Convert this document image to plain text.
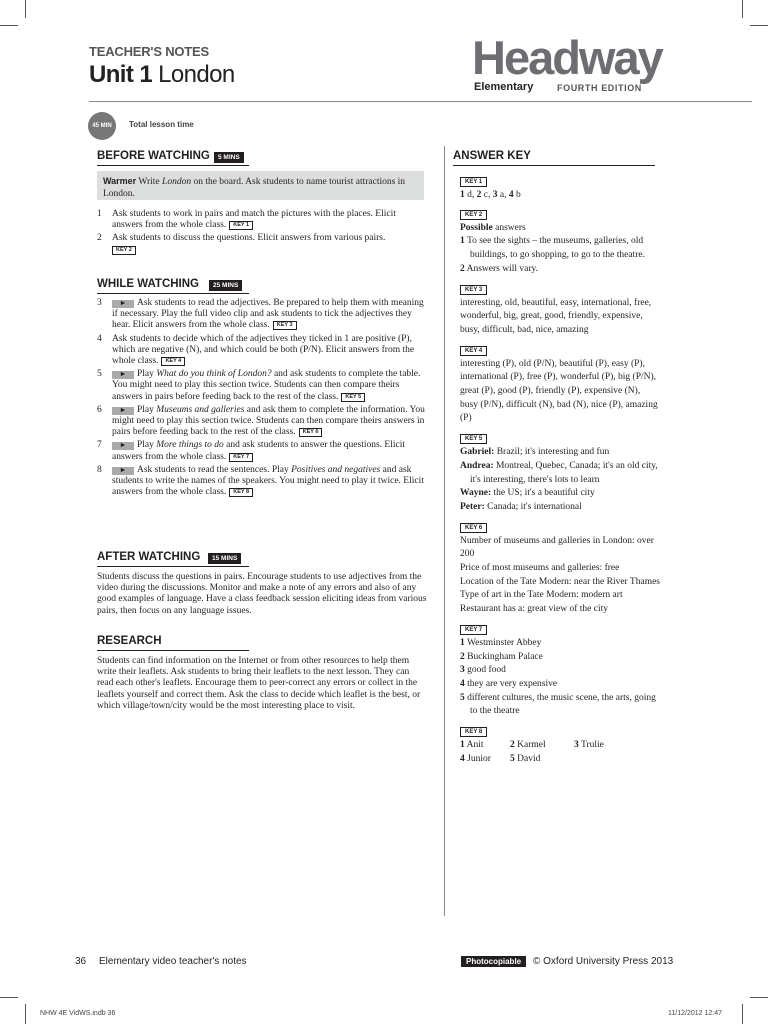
TEACHER'S NOTES
Unit 1 London	Headway
Elementary	FOURTH EDITION
45 MIN	Total lesson time
BEFORE WATCHING	5 MINS
Warmer Write London on the board. Ask students to name tourist attractions in London.
1 Ask students to work in pairs and match the pictures with the places. Elicit answers from the whole class. KEY 1
2 Ask students to discuss the questions. Elicit answers from various pairs.
KEY 2
WHILE WATCHING	25 MINS
3	► Ask students to read the adjectives. Be prepared to help them with meaning if necessary. Play the full video clip and ask students to tick the adjectives they hear. Elicit answers from the whole class. KEY 3
4 Ask students to decide which of the adjectives they ticked in 1 are positive (P), which are negative (N), and which could be both (P/N). Elicit answers from the whole class. KEY 4
5	► Play What do you think of London? and ask students to complete the table. You might need to play this section twice. Students can then compare theirs answers in pairs before feeding back to the rest of the class. KEY 5
6	► Play Museums and galleries and ask them to complete the information. You might need to play this section twice. Students can then compare theirs answers in pairs before feeding back to the rest of the class. KEY 6
7	► Play More things to do and ask students to answer the questions. Elicit answers from the whole class. KEY 7
8	► Ask students to read the sentences. Play Positives and negatives and ask students to write the names of the speakers. You might need to play it twice. Elicit answers from the whole class. KEY 8
AFTER WATCHING	15 MINS
Students discuss the questions in pairs. Encourage students to use adjectives from the video during the discussions. Monitor and make a note of any errors and also of any good examples of language. Have a class feedback session eliciting ideas from various pairs, then focus on any language issues.
RESEARCH
Students can find information on the Internet or from other resources to help them write their leaflets. Ask students to bring their leaflets to the next lesson. They can read each other's leaflets. Encourage them to peer-correct any errors or collect in the leaflets yourself and correct them. Ask the class to decide which leaflet is the best, or which village/town/city would be the most interesting place to visit.
ANSWER KEY
KEY 1
1 d, 2 c, 3 a, 4 b
KEY 2
Possible answers
1 To see the sights – the museums, galleries, old buildings, to go shopping, to go to the theatre.
2 Answers will vary.
KEY 3
interesting, old, beautiful, easy, international, free, wonderful, big, great, good, friendly, expensive, busy, difficult, bad, nice, amazing
KEY 4
interesting (P), old (P/N), beautiful (P), easy (P), international (P), free (P), wonderful (P), big (P/N), great (P), good (P), friendly (P), expensive (N), busy (P/N), difficult (N), bad (N), nice (P), amazing (P)
KEY 5
Gabriel: Brazil; it's interesting and fun
Andrea: Montreal, Quebec, Canada; it's an old city, it's interesting, there's lots to learn
Wayne: the US; it's a beautiful city
Peter: Canada; it's international
KEY 6
Number of museums and galleries in London: over 200
Price of most museums and galleries: free
Location of the Tate Modern: near the River Thames
Type of art in the Tate Modern: modern art
Restaurant has a: great view of the city
KEY 7
1 Westminster Abbey
2 Buckingham Palace
3 good food
4 they are very expensive
5 different cultures, the music scene, the arts, going to the theatre
KEY 8
1 Anit	2 Karmel	3 Trulie
4 Junior 5 David
36 Elementary video teacher's notes	Photocopiable	© Oxford University Press 2013
NHW 4E VidWS.indb 36	11/12/2012 12:47
